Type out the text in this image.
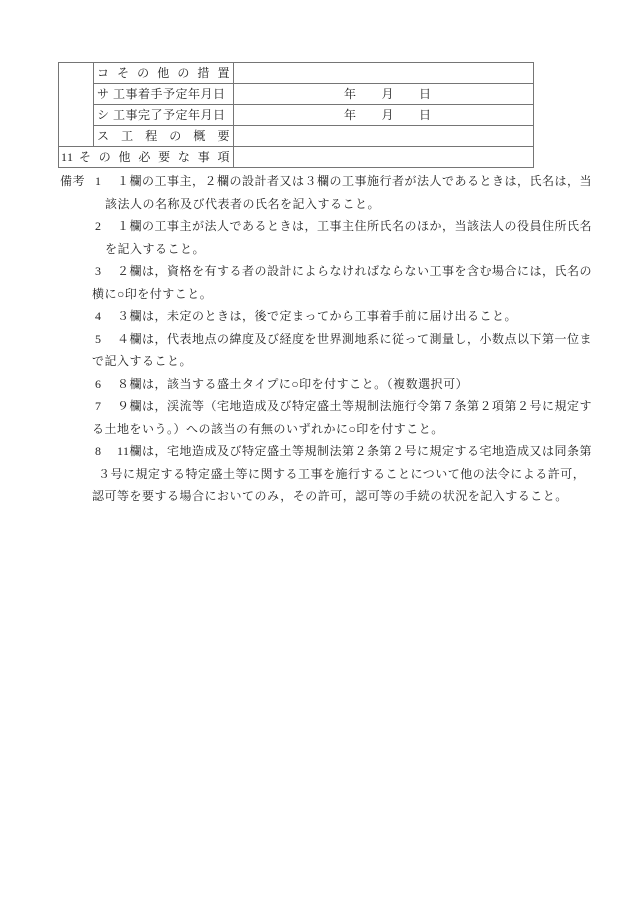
	コ そ の 他 の 措 置	
	サ 工事着手予定年月日	年　　月　　日

	シ 工事完了予定年月日	年　　月　　日

	ス 工 程 の 概 要	
11 そ の 他 必 要 な 事 項		
備考 1	１欄の工事主，２欄の設計者又は３欄の工事施行者が法人であるときは，氏名は，当
該法人の名称及び代表者の氏名を記入すること。
2	１欄の工事主が法人であるときは，工事主住所氏名のほか，当該法人の役員住所氏名
を記入すること。
3	２欄は，資格を有する者の設計によらなければならない工事を含む場合には，氏名の
横に○印を付すこと。
4	３欄は，未定のときは，後で定まってから工事着手前に届け出ること。
5	４欄は，代表地点の緯度及び経度を世界測地系に従って測量し，小数点以下第一位ま
で記入すること。
6	８欄は，該当する盛土タイプに○印を付すこと。（複数選択可）
7	９欄は，渓流等（宅地造成及び特定盛土等規制法施行令第７条第２項第２号に規定す
る土地をいう。）への該当の有無のいずれかに○印を付すこと。
8	11欄は，宅地造成及び特定盛土等規制法第２条第２号に規定する宅地造成又は同条第
３号に規定する特定盛土等に関する工事を施行することについて他の法令による許可，
認可等を要する場合においてのみ，その許可，認可等の手続の状況を記入すること。
